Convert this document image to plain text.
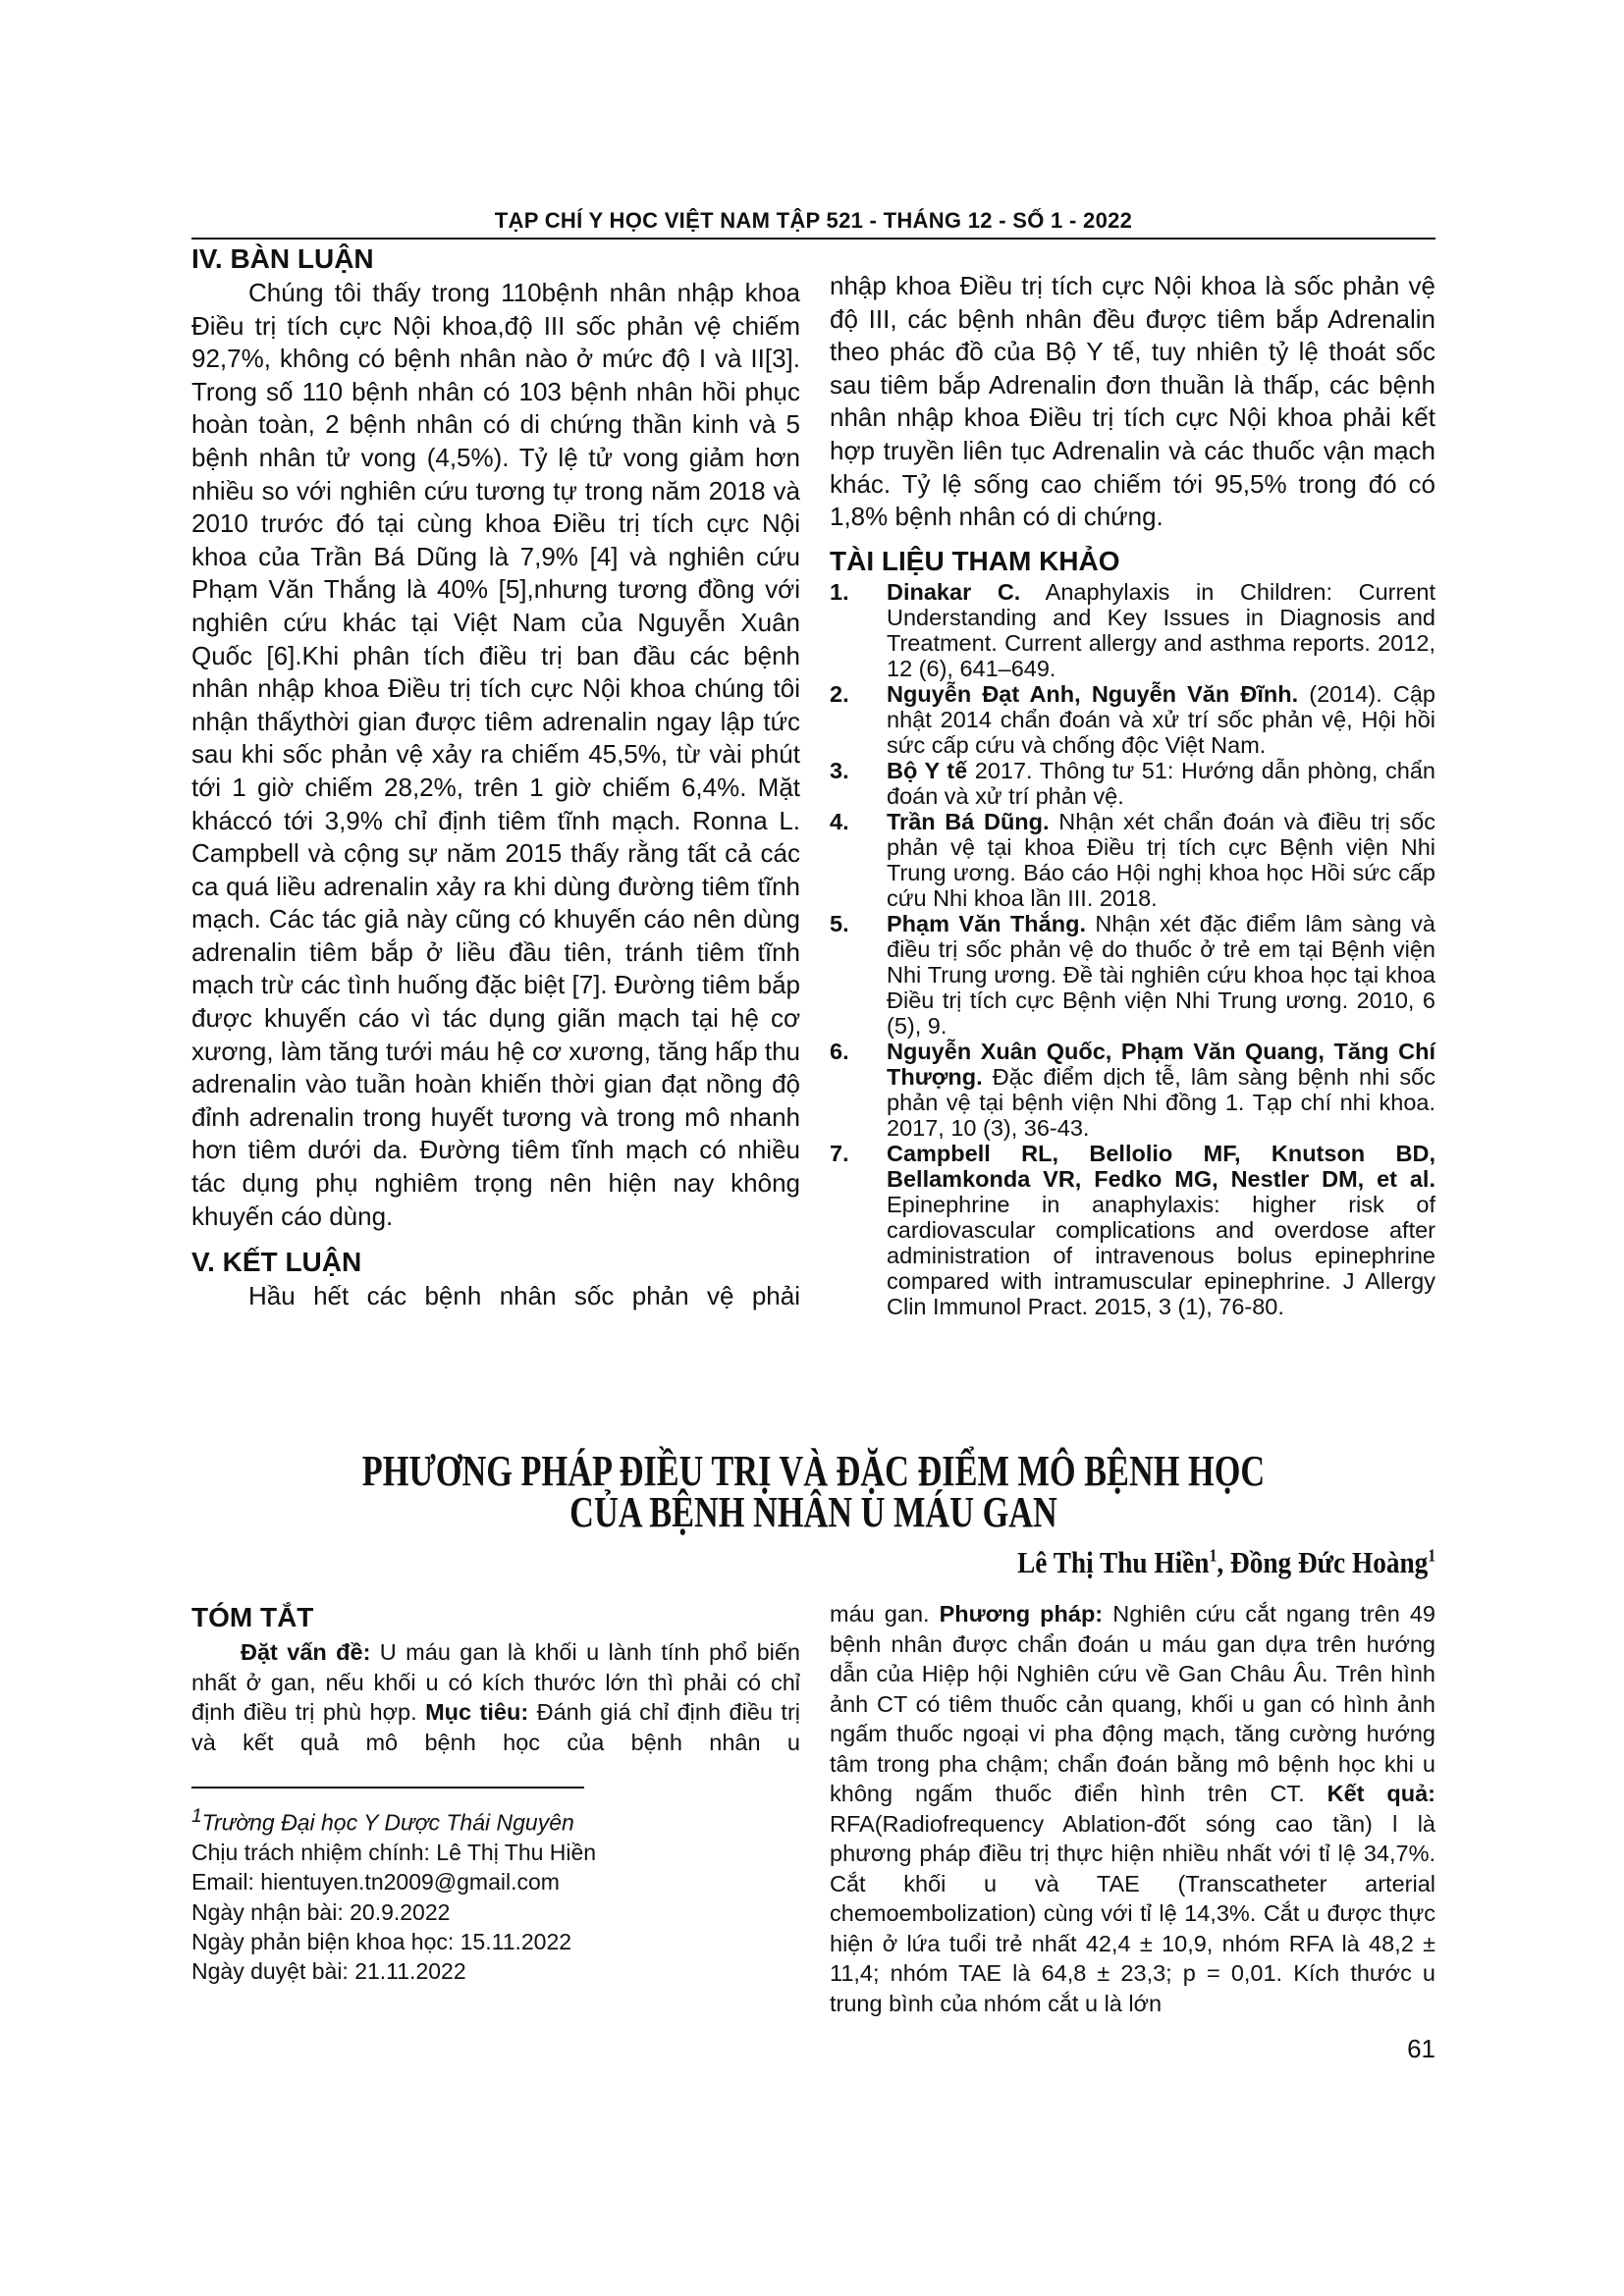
TẠP CHÍ Y HỌC VIỆT NAM TẬP 521 - THÁNG 12 - SỐ 1 - 2022
IV. BÀN LUẬN

Chúng tôi thấy trong 110bệnh nhân nhập khoa Điều trị tích cực Nội khoa,độ III sốc phản vệ chiếm 92,7%, không có bệnh nhân nào ở mức độ I và II[3]. Trong số 110 bệnh nhân có 103 bệnh nhân hồi phục hoàn toàn, 2 bệnh nhân có di chứng thần kinh và 5 bệnh nhân tử vong (4,5%). Tỷ lệ tử vong giảm hơn nhiều so với nghiên cứu tương tự trong năm 2018 và 2010 trước đó tại cùng khoa Điều trị tích cực Nội khoa của Trần Bá Dũng là 7,9% [4] và nghiên cứu Phạm Văn Thắng là 40% [5],nhưng tương đồng với nghiên cứu khác tại Việt Nam của Nguyễn Xuân Quốc [6].Khi phân tích điều trị ban đầu các bệnh nhân nhập khoa Điều trị tích cực Nội khoa chúng tôi nhận thấythời gian được tiêm adrenalin ngay lập tức sau khi sốc phản vệ xảy ra chiếm 45,5%, từ vài phút tới 1 giờ chiếm 28,2%, trên 1 giờ chiếm 6,4%. Mặt kháccó tới 3,9% chỉ định tiêm tĩnh mạch. Ronna L. Campbell và cộng sự năm 2015 thấy rằng tất cả các ca quá liều adrenalin xảy ra khi dùng đường tiêm tĩnh mạch. Các tác giả này cũng có khuyến cáo nên dùng adrenalin tiêm bắp ở liều đầu tiên, tránh tiêm tĩnh mạch trừ các tình huống đặc biệt [7]. Đường tiêm bắp được khuyến cáo vì tác dụng giãn mạch tại hệ cơ xương, làm tăng tưới máu hệ cơ xương, tăng hấp thu adrenalin vào tuần hoàn khiến thời gian đạt nồng độ đỉnh adrenalin trong huyết tương và trong mô nhanh hơn tiêm dưới da. Đường tiêm tĩnh mạch có nhiều tác dụng phụ nghiêm trọng nên hiện nay không khuyến cáo dùng.

V. KẾT LUẬN

Hầu hết các bệnh nhân sốc phản vệ phải

nhập khoa Điều trị tích cực Nội khoa là sốc phản vệ độ III, các bệnh nhân đều được tiêm bắp Adrenalin theo phác đồ của Bộ Y tế, tuy nhiên tỷ lệ thoát sốc sau tiêm bắp Adrenalin đơn thuần là thấp, các bệnh nhân nhập khoa Điều trị tích cực Nội khoa phải kết hợp truyền liên tục Adrenalin và các thuốc vận mạch khác. Tỷ lệ sống cao chiếm tới 95,5% trong đó có 1,8% bệnh nhân có di chứng.

TÀI LIỆU THAM KHẢO
1. Dinakar C. Anaphylaxis in Children: Current Understanding and Key Issues in Diagnosis and Treatment. Current allergy and asthma reports. 2012, 12 (6), 641–649.
2. Nguyễn Đạt Anh, Nguyễn Văn Đĩnh. (2014). Cập nhật 2014 chẩn đoán và xử trí sốc phản vệ, Hội hồi sức cấp cứu và chống độc Việt Nam.
3. Bộ Y tế 2017. Thông tư 51: Hướng dẫn phòng, chẩn đoán và xử trí phản vệ.
4. Trần Bá Dũng. Nhận xét chẩn đoán và điều trị sốc phản vệ tại khoa Điều trị tích cực Bệnh viện Nhi Trung ương. Báo cáo Hội nghị khoa học Hồi sức cấp cứu Nhi khoa lần III. 2018.
5. Phạm Văn Thắng. Nhận xét đặc điểm lâm sàng và điều trị sốc phản vệ do thuốc ở trẻ em tại Bệnh viện Nhi Trung ương. Đề tài nghiên cứu khoa học tại khoa Điều trị tích cực Bệnh viện Nhi Trung ương. 2010, 6 (5), 9.
6. Nguyễn Xuân Quốc, Phạm Văn Quang, Tăng Chí Thượng. Đặc điểm dịch tễ, lâm sàng bệnh nhi sốc phản vệ tại bệnh viện Nhi đồng 1. Tạp chí nhi khoa. 2017, 10 (3), 36-43.
7. Campbell RL, Bellolio MF, Knutson BD, Bellamkonda VR, Fedko MG, Nestler DM, et al. Epinephrine in anaphylaxis: higher risk of cardiovascular complications and overdose after administration of intravenous bolus epinephrine compared with intramuscular epinephrine. J Allergy Clin Immunol Pract. 2015, 3 (1), 76-80.
PHƯƠNG PHÁP ĐIỀU TRỊ VÀ ĐẶC ĐIỂM MÔ BỆNH HỌC
CỦA BỆNH NHÂN U MÁU GAN
Lê Thị Thu Hiền$^1$, Đồng Đức Hoàng$^1$
TÓM TẮT

Đặt vấn đề: U máu gan là khối u lành tính phổ biến nhất ở gan, nếu khối u có kích thước lớn thì phải có chỉ định điều trị phù hợp. Mục tiêu: Đánh giá chỉ định điều trị và kết quả mô bệnh học của bệnh nhân u

$^1$Trường Đại học Y Dược Thái Nguyên
Chịu trách nhiệm chính: Lê Thị Thu Hiền
Email: hientuyen.tn2009@gmail.com
Ngày nhận bài: 20.9.2022
Ngày phản biện khoa học: 15.11.2022
Ngày duyệt bài: 21.11.2022

máu gan. Phương pháp: Nghiên cứu cắt ngang trên 49 bệnh nhân được chẩn đoán u máu gan dựa trên hướng dẫn của Hiệp hội Nghiên cứu về Gan Châu Âu. Trên hình ảnh CT có tiêm thuốc cản quang, khối u gan có hình ảnh ngấm thuốc ngoại vi pha động mạch, tăng cường hướng tâm trong pha chậm; chẩn đoán bằng mô bệnh học khi u không ngấm thuốc điển hình trên CT. Kết quả: RFA(Radiofrequency Ablation-đốt sóng cao tần) l là phương pháp điều trị thực hiện nhiều nhất với tỉ lệ 34,7%. Cắt khối u và TAE (Transcatheter arterial chemoembolization) cùng với tỉ lệ 14,3%. Cắt u được thực hiện ở lứa tuổi trẻ nhất 42,4 ± 10,9, nhóm RFA là 48,2 ± 11,4; nhóm TAE là 64,8 ± 23,3; p = 0,01. Kích thước u trung bình của nhóm cắt u là lớn

61
